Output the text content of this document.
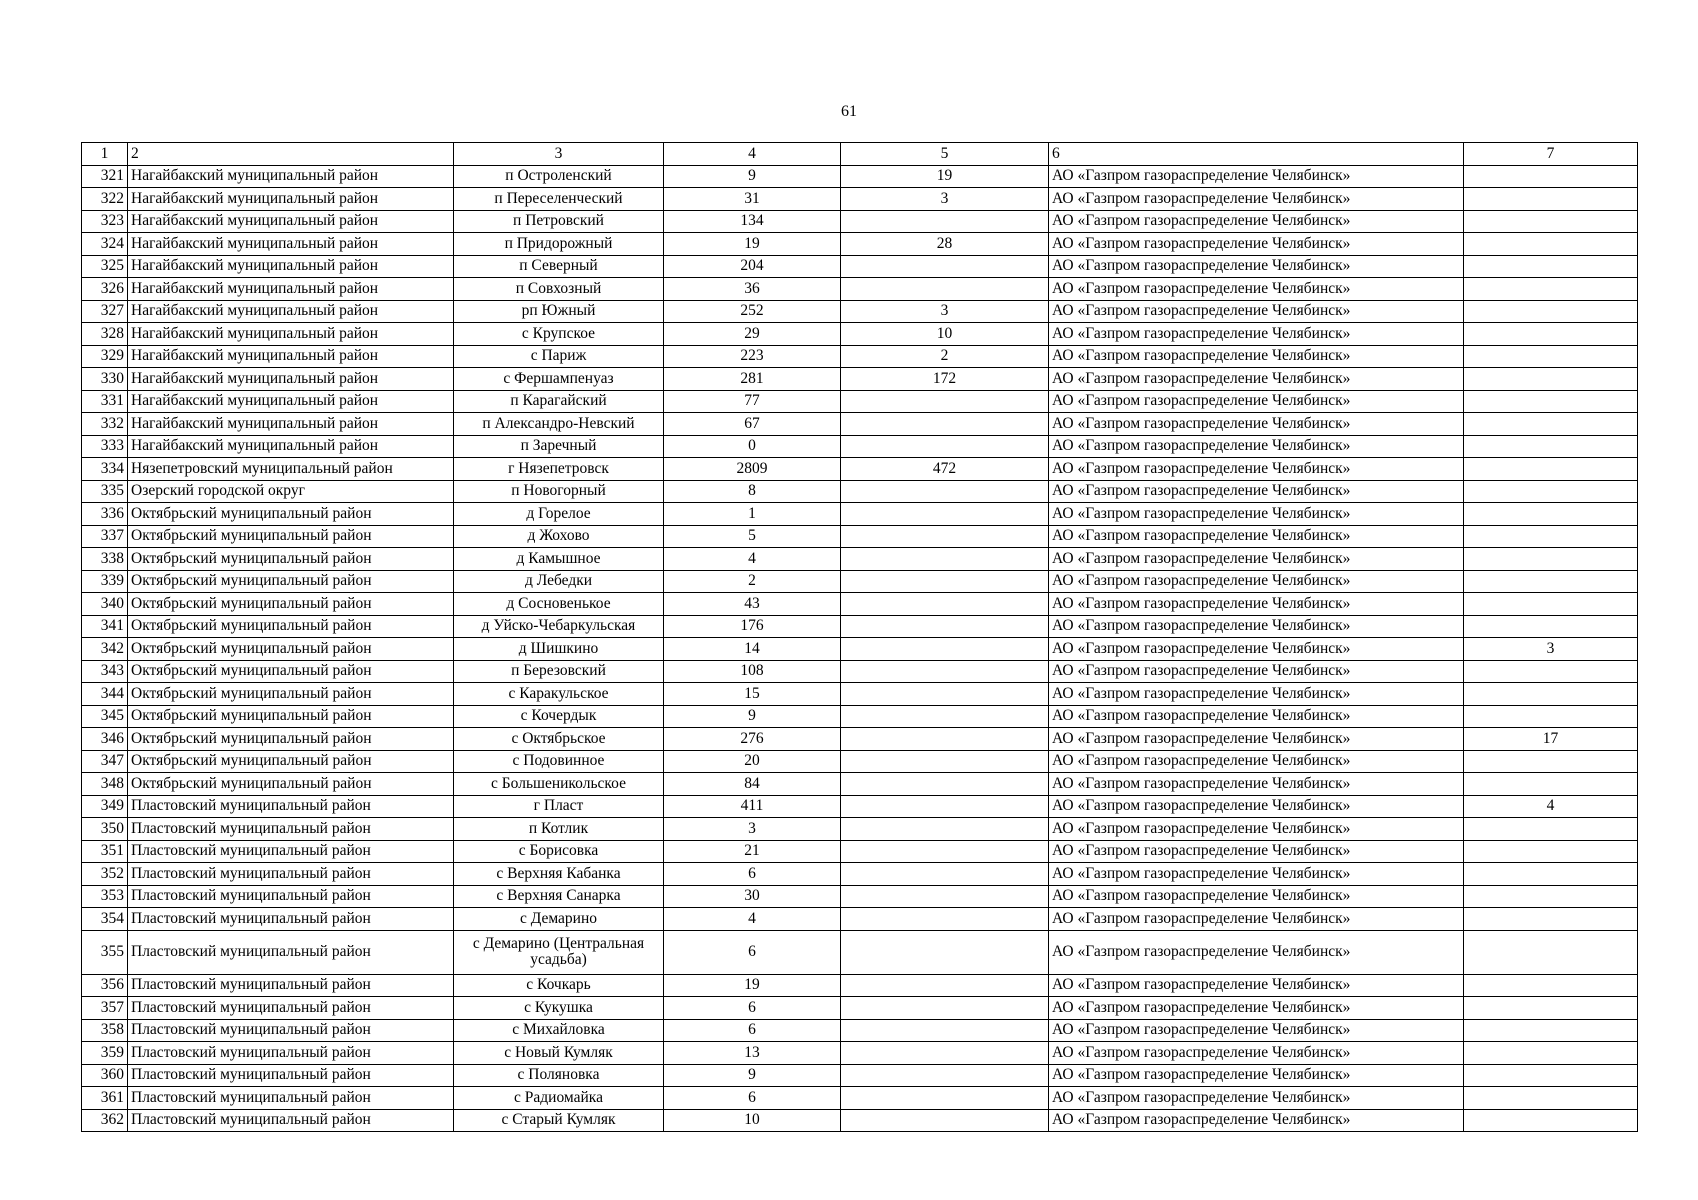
61
1	2	3	4	5	6	7
321	Нагайбакский муниципальный район	п Остроленский	9	19	АО «Газпром газораспределение Челябинск»	
322	Нагайбакский муниципальный район	п Переселенческий	31	3	АО «Газпром газораспределение Челябинск»	
323	Нагайбакский муниципальный район	п Петровский	134		АО «Газпром газораспределение Челябинск»	
324	Нагайбакский муниципальный район	п Придорожный	19	28	АО «Газпром газораспределение Челябинск»	
325	Нагайбакский муниципальный район	п Северный	204		АО «Газпром газораспределение Челябинск»	
326	Нагайбакский муниципальный район	п Совхозный	36		АО «Газпром газораспределение Челябинск»	
327	Нагайбакский муниципальный район	рп Южный	252	3	АО «Газпром газораспределение Челябинск»	
328	Нагайбакский муниципальный район	с Крупское	29	10	АО «Газпром газораспределение Челябинск»	
329	Нагайбакский муниципальный район	с Париж	223	2	АО «Газпром газораспределение Челябинск»	
330	Нагайбакский муниципальный район	с Фершампенуаз	281	172	АО «Газпром газораспределение Челябинск»	
331	Нагайбакский муниципальный район	п Карагайский	77		АО «Газпром газораспределение Челябинск»	
332	Нагайбакский муниципальный район	п Александро-Невский	67		АО «Газпром газораспределение Челябинск»	
333	Нагайбакский муниципальный район	п Заречный	0		АО «Газпром газораспределение Челябинск»	
334	Нязепетровский муниципальный район	г Нязепетровск	2809	472	АО «Газпром газораспределение Челябинск»	
335	Озерский городской округ	п Новогорный	8		АО «Газпром газораспределение Челябинск»	
336	Октябрьский муниципальный район	д Горелое	1		АО «Газпром газораспределение Челябинск»	
337	Октябрьский муниципальный район	д Жохово	5		АО «Газпром газораспределение Челябинск»	
338	Октябрьский муниципальный район	д Камышное	4		АО «Газпром газораспределение Челябинск»	
339	Октябрьский муниципальный район	д Лебедки	2		АО «Газпром газораспределение Челябинск»	
340	Октябрьский муниципальный район	д Сосновенькое	43		АО «Газпром газораспределение Челябинск»	
341	Октябрьский муниципальный район	д Уйско-Чебаркульская	176		АО «Газпром газораспределение Челябинск»	
342	Октябрьский муниципальный район	д Шишкино	14		АО «Газпром газораспределение Челябинск»	3
343	Октябрьский муниципальный район	п Березовский	108		АО «Газпром газораспределение Челябинск»	
344	Октябрьский муниципальный район	с Каракульское	15		АО «Газпром газораспределение Челябинск»	
345	Октябрьский муниципальный район	с Кочердык	9		АО «Газпром газораспределение Челябинск»	
346	Октябрьский муниципальный район	с Октябрьское	276		АО «Газпром газораспределение Челябинск»	17
347	Октябрьский муниципальный район	с Подовинное	20		АО «Газпром газораспределение Челябинск»	
348	Октябрьский муниципальный район	с Большеникольское	84		АО «Газпром газораспределение Челябинск»	
349	Пластовский муниципальный район	г Пласт	411		АО «Газпром газораспределение Челябинск»	4
350	Пластовский муниципальный район	п Котлик	3		АО «Газпром газораспределение Челябинск»	
351	Пластовский муниципальный район	с Борисовка	21		АО «Газпром газораспределение Челябинск»	
352	Пластовский муниципальный район	с Верхняя Кабанка	6		АО «Газпром газораспределение Челябинск»	
353	Пластовский муниципальный район	с Верхняя Санарка	30		АО «Газпром газораспределение Челябинск»	
354	Пластовский муниципальный район	с Демарино	4		АО «Газпром газораспределение Челябинск»	
355	Пластовский муниципальный район	с Демарино (Центральная усадьба)	6		АО «Газпром газораспределение Челябинск»	
356	Пластовский муниципальный район	с Кочкарь	19		АО «Газпром газораспределение Челябинск»	
357	Пластовский муниципальный район	с Кукушка	6		АО «Газпром газораспределение Челябинск»	
358	Пластовский муниципальный район	с Михайловка	6		АО «Газпром газораспределение Челябинск»	
359	Пластовский муниципальный район	с Новый Кумляк	13		АО «Газпром газораспределение Челябинск»	
360	Пластовский муниципальный район	с Поляновка	9		АО «Газпром газораспределение Челябинск»	
361	Пластовский муниципальный район	с Радиомайка	6		АО «Газпром газораспределение Челябинск»	
362	Пластовский муниципальный район	с Старый Кумляк	10		АО «Газпром газораспределение Челябинск»	
